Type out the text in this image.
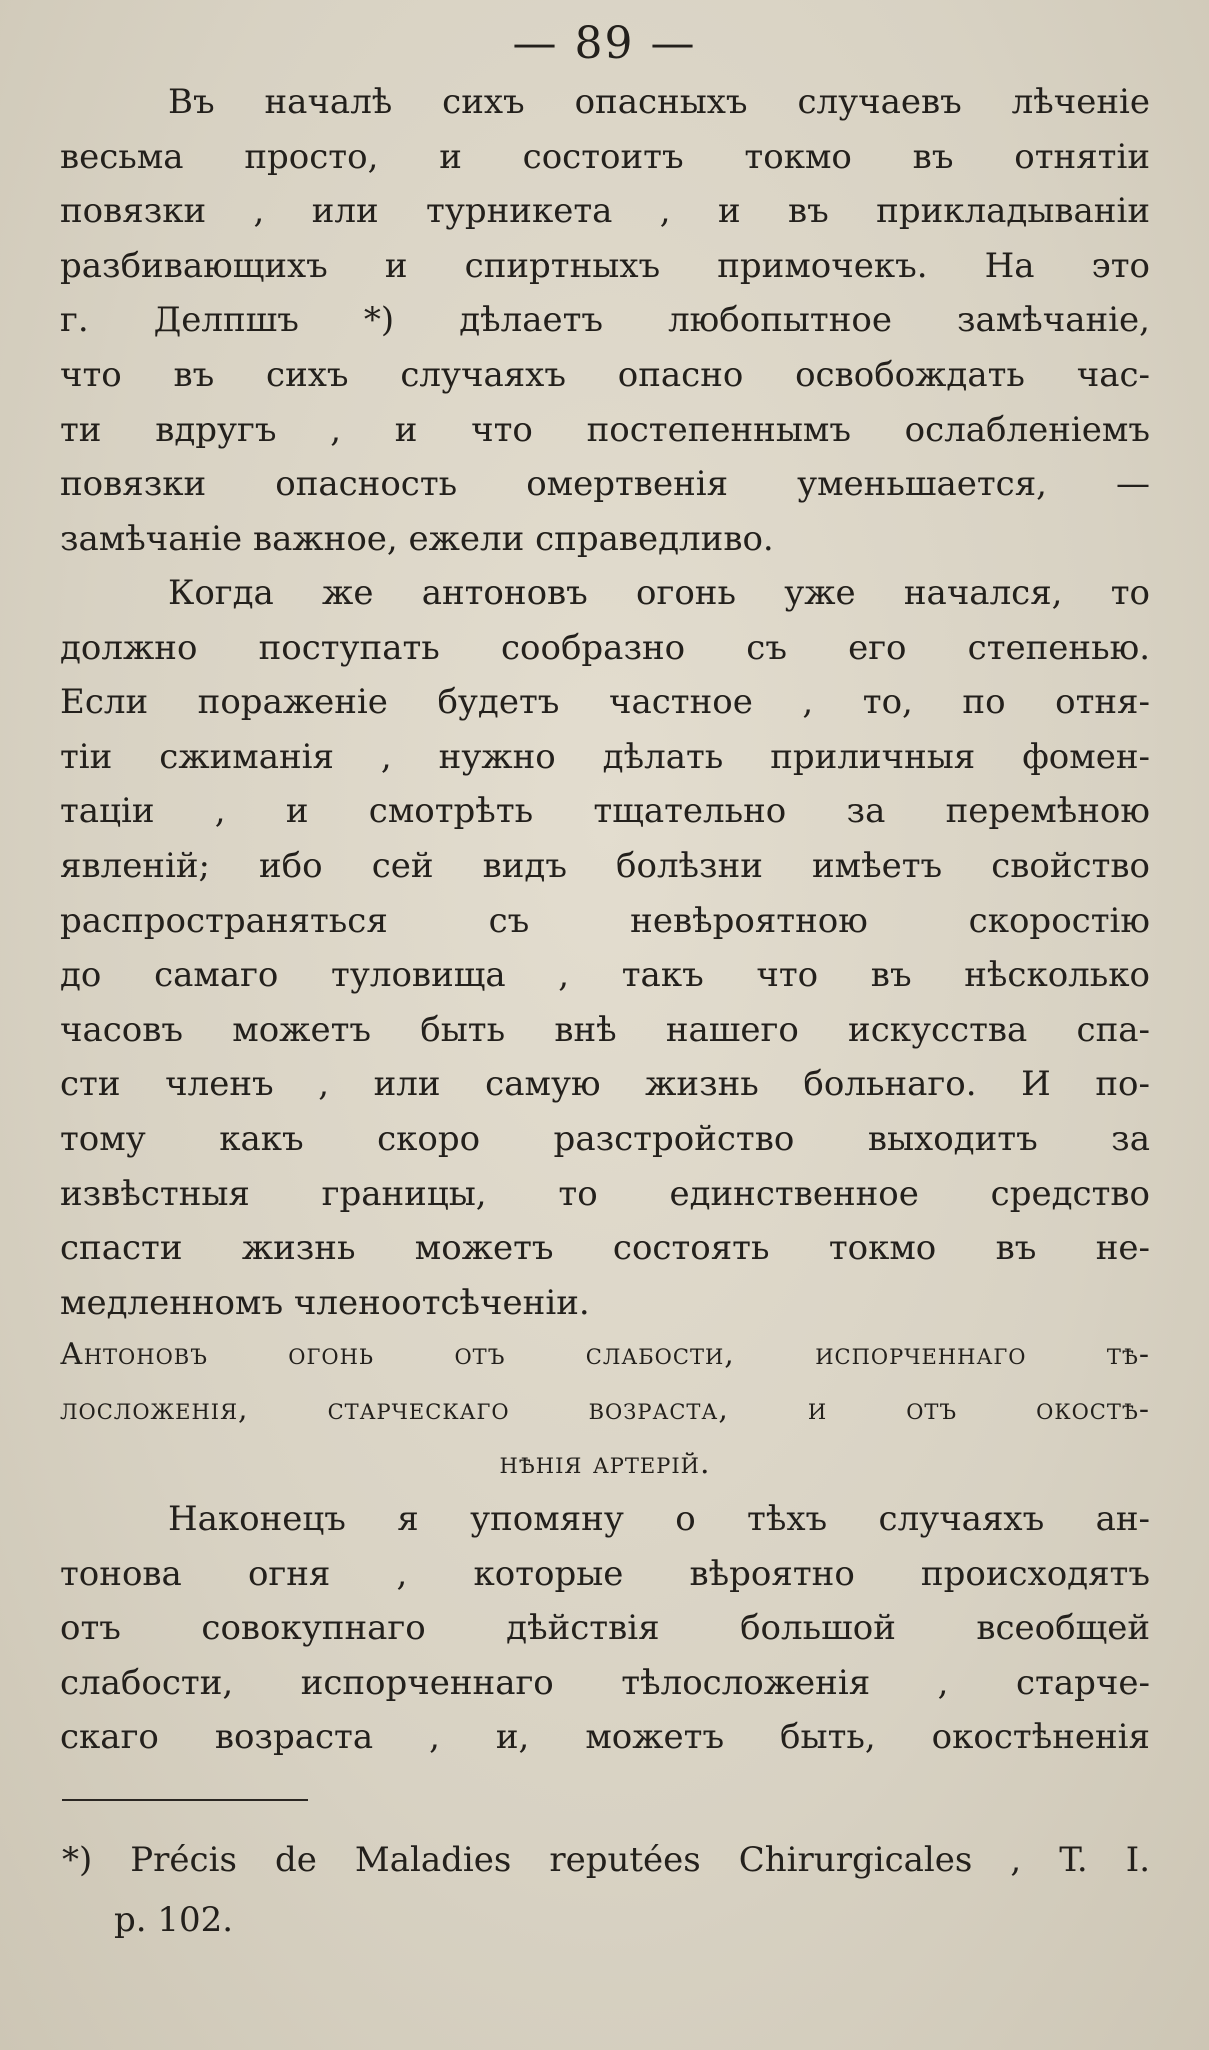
— 89 —
Въ началѣ сихъ опасныхъ случаевъ лѣченіе
весьма просто, и состоитъ токмо въ отнятіи
повязки , или турникета , и въ прикладываніи
разбивающихъ и спиртныхъ примочекъ. На это
г. Делпшъ *) дѣлаетъ любопытное замѣчаніе,
что въ сихъ случаяхъ опасно освобождать час-
ти вдругъ , и что постепеннымъ ослабленіемъ
повязки опасность омертвенія уменьшается, —
замѣчаніе важное, ежели справедливо.
Когда же антоновъ огонь уже начался, то
должно поступать сообразно съ его степенью.
Если пораженіе будетъ частное , то, по отня-
тіи сжиманія , нужно дѣлать приличныя фомен-
таціи , и смотрѣть тщательно за перемѣною
явленій; ибо сей видъ болѣзни имѣетъ свойство
распространяться съ невѣроятною скоростію
до самаго туловища , такъ что въ нѣсколько
часовъ можетъ быть внѣ нашего искусства спа-
сти членъ , или самую жизнь больнаго. И по-
тому какъ скоро разстройство выходитъ за
извѣстныя границы, то единственное средство
спасти жизнь можетъ состоять токмо въ не-
медленномъ членоотсѣченіи.
Антоновъ огонь отъ слабости, испорченнаго тѣ-
лосложенія, старческаго возраста, и отъ окостѣ-
нѣнія артерій.
Наконецъ я упомяну о тѣхъ случаяхъ ан-
тонова огня , которые вѣроятно происходятъ
отъ совокупнаго дѣйствія большой всеобщей
слабости, испорченнаго тѣлосложенія , старче-
скаго возраста , и, можетъ быть, окостѣненія
*) Précis de Maladies reputées Chirurgicales , T. I.
p. 102.
